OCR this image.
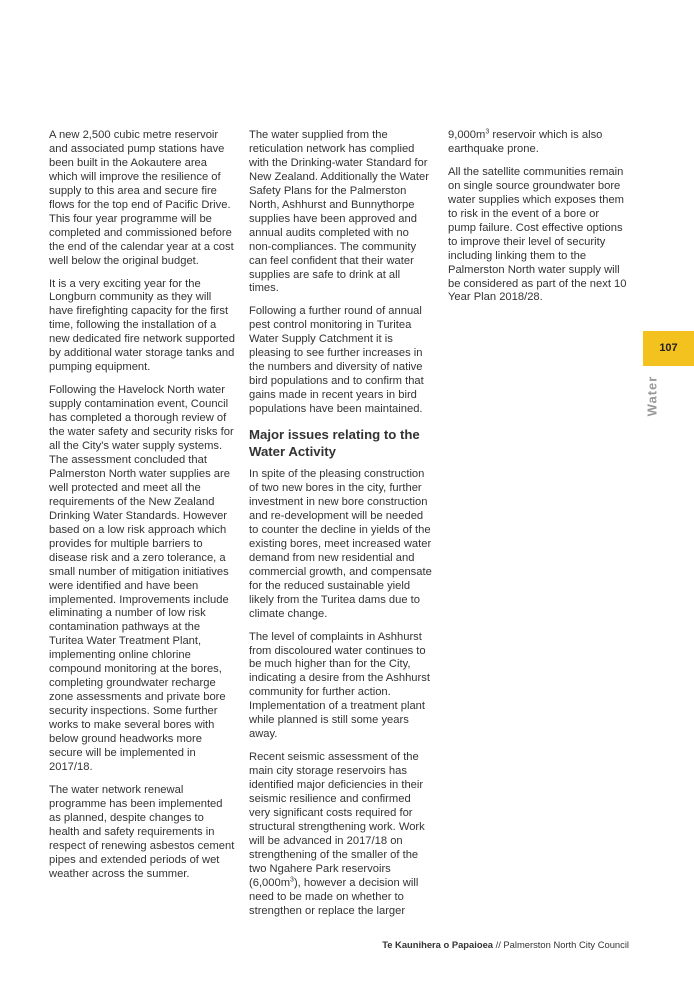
A new 2,500 cubic metre reservoir and associated pump stations have been built in the Aokautere area which will improve the resilience of supply to this area and secure fire flows for the top end of Pacific Drive. This four year programme will be completed and commissioned before the end of the calendar year at a cost well below the original budget.

It is a very exciting year for the Longburn community as they will have firefighting capacity for the first time, following the installation of a new dedicated fire network supported by additional water storage tanks and pumping equipment.

Following the Havelock North water supply contamination event, Council has completed a thorough review of the water safety and security risks for all the City's water supply systems. The assessment concluded that Palmerston North water supplies are well protected and meet all the requirements of the New Zealand Drinking Water Standards. However based on a low risk approach which provides for multiple barriers to disease risk and a zero tolerance, a small number of mitigation initiatives were identified and have been implemented. Improvements include eliminating a number of low risk contamination pathways at the Turitea Water Treatment Plant, implementing online chlorine compound monitoring at the bores, completing groundwater recharge zone assessments and private bore security inspections. Some further works to make several bores with below ground headworks more secure will be implemented in 2017/18.

The water network renewal programme has been implemented as planned, despite changes to health and safety requirements in respect of renewing asbestos cement pipes and extended periods of wet weather across the summer.

The water supplied from the reticulation network has complied with the Drinking-water Standard for New Zealand. Additionally the Water Safety Plans for the Palmerston North, Ashhurst and Bunnythorpe supplies have been approved and annual audits completed with no non-compliances. The community can feel confident that their water supplies are safe to drink at all times.

Following a further round of annual pest control monitoring in Turitea Water Supply Catchment it is pleasing to see further increases in the numbers and diversity of native bird populations and to confirm that gains made in recent years in bird populations have been maintained.

Major issues relating to the Water Activity

In spite of the pleasing construction of two new bores in the city, further investment in new bore construction and re-development will be needed to counter the decline in yields of the existing bores, meet increased water demand from new residential and commercial growth, and compensate for the reduced sustainable yield likely from the Turitea dams due to climate change.

The level of complaints in Ashhurst from discoloured water continues to be much higher than for the City, indicating a desire from the Ashhurst community for further action. Implementation of a treatment plant while planned is still some years away.

Recent seismic assessment of the main city storage reservoirs has identified major deficiencies in their seismic resilience and confirmed very significant costs required for structural strengthening work. Work will be advanced in 2017/18 on strengthening of the smaller of the two Ngahere Park reservoirs $(6,000m^3)$, however a decision will need to be made on whether to strengthen or replace the larger

$9,000m^3$ reservoir which is also earthquake prone.

All the satellite communities remain on single source groundwater bore water supplies which exposes them to risk in the event of a bore or pump failure. Cost effective options to improve their level of security including linking them to the Palmerston North water supply will be considered as part of the next 10 Year Plan 2018/28.

107
Water
Te Kaunihera o Papaioea // Palmerston North City Council
